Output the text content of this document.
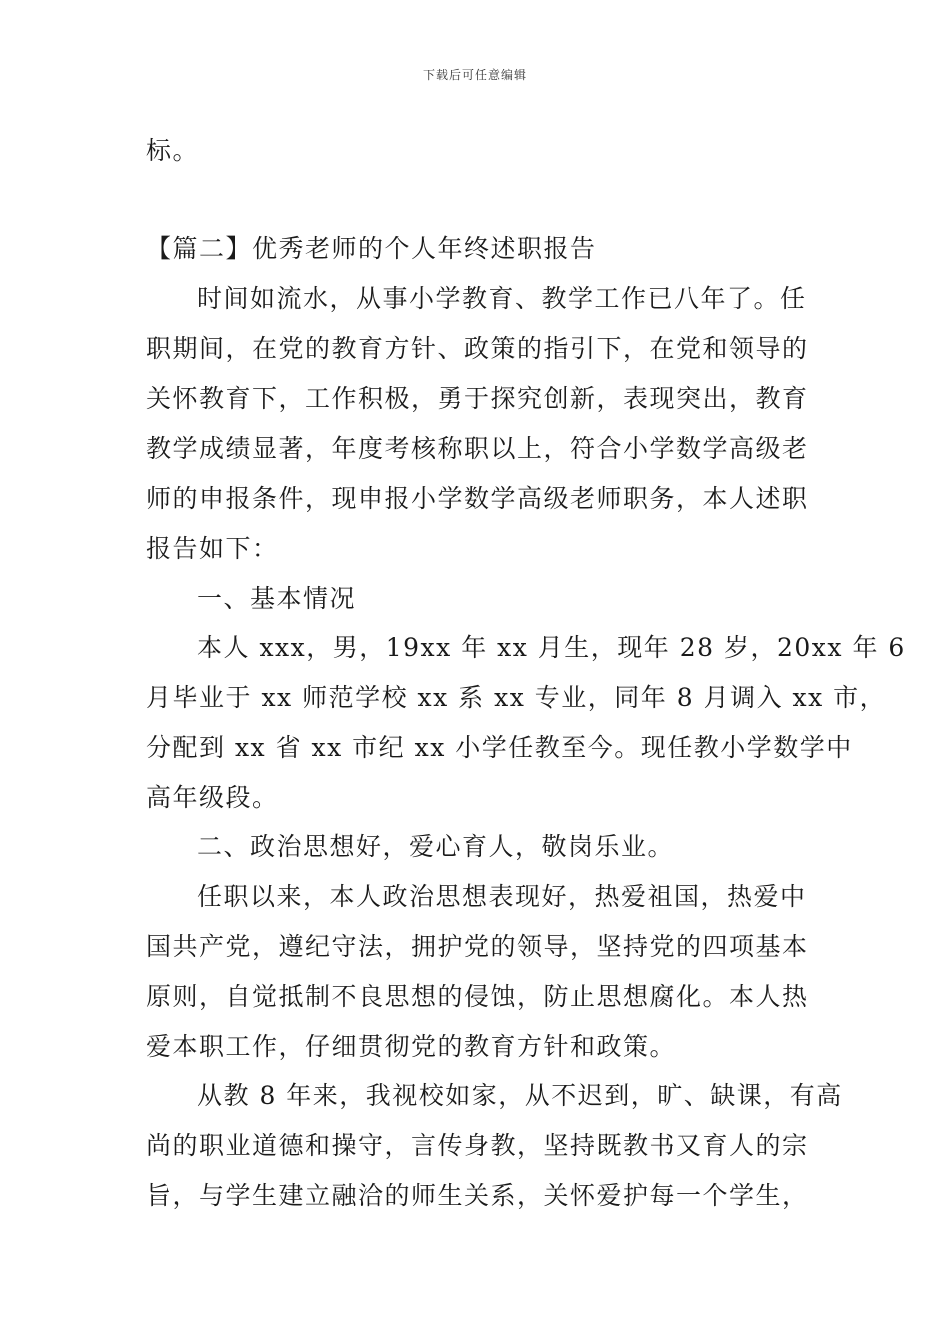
下载后可任意编辑
标。
【篇二】优秀老师的个人年终述职报告
时间如流水，从事小学教育、教学工作已八年了。任
职期间，在党的教育方针、政策的指引下，在党和领导的
关怀教育下，工作积极，勇于探究创新，表现突出，教育
教学成绩显著，年度考核称职以上，符合小学数学高级老
师的申报条件，现申报小学数学高级老师职务，本人述职
报告如下：
一、基本情况
本人 xxx，男，19xx 年 xx 月生，现年 28 岁，20xx 年 6
月毕业于 xx 师范学校 xx 系 xx 专业，同年 8 月调入 xx 市，
分配到 xx 省 xx 市纪 xx 小学任教至今。现任教小学数学中
高年级段。
二、政治思想好，爱心育人，敬岗乐业。
任职以来，本人政治思想表现好，热爱祖国，热爱中
国共产党，遵纪守法，拥护党的领导，坚持党的四项基本
原则，自觉抵制不良思想的侵蚀，防止思想腐化。本人热
爱本职工作，仔细贯彻党的教育方针和政策。
从教 8 年来，我视校如家，从不迟到，旷、缺课，有高
尚的职业道德和操守，言传身教，坚持既教书又育人的宗
旨，与学生建立融洽的师生关系，关怀爱护每一个学生，
